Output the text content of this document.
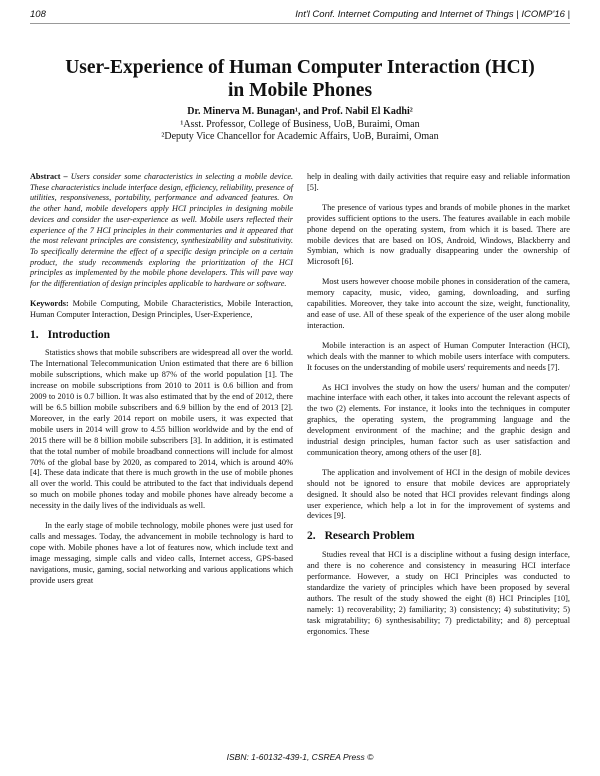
108	Int'l Conf. Internet Computing and Internet of Things | ICOMP'16 |
User-Experience of Human Computer Interaction (HCI) in Mobile Phones
Dr. Minerva M. Bunagan¹, and Prof. Nabil El Kadhi²
¹Asst. Professor, College of Business, UoB, Buraimi, Oman
²Deputy Vice Chancellor for Academic Affairs, UoB, Buraimi, Oman

Abstract – Users consider some characteristics in selecting a mobile device. These characteristics include interface design, efficiency, reliability, presence of utilities, responsiveness, portability, performance and advanced features. On the other hand, mobile developers apply HCI principles in designing mobile devices and consider the user-experience as well. Mobile users reflected their experience of the 7 HCI principles in their commentaries and it appeared that the most relevant principles are consistency, synthesizability and substitutivity. To specifically determine the effect of a specific design principle on a certain product, the study recommends exploring the prioritization of the HCI principles as implemented by the mobile phone developers. This will pave way for the differentiation of design principles applicable to hardware or software.

Keywords: Mobile Computing, Mobile Characteristics, Mobile Interaction, Human Computer Interaction, Design Principles, User-Experience,

1. Introduction

Statistics shows that mobile subscribers are widespread all over the world. The International Telecommunication Union estimated that there are 6 billion mobile subscriptions, which make up 87% of the world population [1]. The increase on mobile subscriptions from 2010 to 2011 is 0.6 billion and from 2009 to 2010 is 0.7 billion. It was also estimated that by the end of 2012, there will be 6.5 billion mobile subscribers and 6.9 billion by the end of 2013 [2]. Moreover, in the early 2014 report on mobile users, it was expected that mobile users in 2014 will grow to 4.55 billion worldwide and by the end of 2015 there will be 8 billion mobile subscribers [3]. In addition, it is estimated that the total number of mobile broadband connections will include for almost 70% of the global base by 2020, as compared to 2014, which is around 40% [4]. These data indicate that there is much growth in the use of mobile phones all over the world. This could be attributed to the fact that individuals depend so much on mobile phones today and mobile phones have already become a necessity in the daily lives of the individuals as well.

In the early stage of mobile technology, mobile phones were just used for calls and messages. Today, the advancement in mobile technology is hard to cope with. Mobile phones have a lot of features now, which include text and image messaging, simple calls and video calls, Internet access, GPS-based navigations, music, gaming, social networking and various applications which provide users great

help in dealing with daily activities that require easy and reliable information [5].

The presence of various types and brands of mobile phones in the market provides sufficient options to the users. The features available in each mobile phone depend on the operating system, from which it is based. There are mobile devices that are based on IOS, Android, Windows, Blackberry and Symbian, which is now gradually disappearing under the ownership of Microsoft [6].

Most users however choose mobile phones in consideration of the camera, memory capacity, music, video, gaming, downloading, and surfing capabilities. Moreover, they take into account the size, weight, functionality, and ease of use. All of these speak of the experience of the user along mobile interaction.

Mobile interaction is an aspect of Human Computer Interaction (HCI), which deals with the manner to which mobile users interface with computers. It focuses on the understanding of mobile users' requirements and needs [7].

As HCI involves the study on how the users/ human and the computer/ machine interface with each other, it takes into account the relevant aspects of the two (2) elements. For instance, it looks into the techniques in computer graphics, the operating system, the programming language and the development environment of the machine; and the graphic design and industrial design principles, human factor such as user satisfaction and communication theory, among others of the user [8].

The application and involvement of HCI in the design of mobile devices should not be ignored to ensure that mobile devices are appropriately designed. It should also be noted that HCI provides relevant findings along user experience, which help a lot in for the improvement of systems and devices [9].

2. Research Problem

Studies reveal that HCI is a discipline without a fusing design interface, and there is no coherence and consistency in measuring HCI interface performance. However, a study on HCI Principles was conducted to standardize the variety of principles which have been proposed by several authors. The result of the study showed the eight (8) HCI Principles [10], namely: 1) recoverability; 2) familiarity; 3) consistency; 4) substitutivity; 5) task migratability; 6) synthesisability; 7) predictability; and 8) perceptual ergonomics. These

ISBN: 1-60132-439-1, CSREA Press ©
